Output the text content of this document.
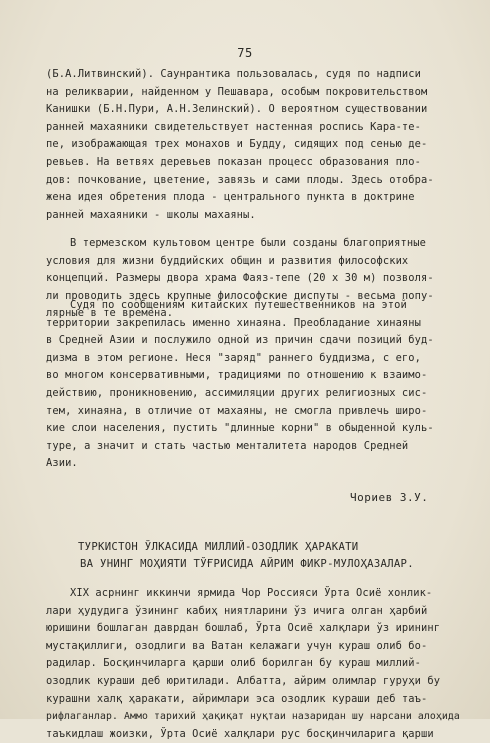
75
(Б.А.Литвинский). Саунрантика пользовалась, судя по надписи
на реликварии, найденном у Пешавара, особым покровительством
Канишки (Б.Н.Пури, А.Н.Зелинский). О вероятном существовании
ранней махаяники свидетельствует настенная роспись Кара-те-
пе, изображающая трех монахов и Будду, сидящих под сенью де-
ревьев. На ветвях деревьев показан процесс образования пло-
дов: почкование, цветение, завязь и сами плоды. Здесь отобра-
жена идея обретения плода - центрального пункта в доктрине
ранней махаяники - школы махаяны.
В термезском культовом центре были созданы благоприятные
условия для жизни буддийских общин и развития философских
концепций. Размеры двора храма Фаяз-тепе (20 х 30 м) позволя-
ли проводить здесь крупные философские диспуты - весьма попу-
лярные в те времена.
Судя по сообщениям китайских путешественников на этой
территории закрепилась именно хинаяна. Преобладание хинаяны
в Средней Азии и послужило одной из причин сдачи позиций буд-
дизма в этом регионе. Неся "заряд" раннего буддизма, с его,
во многом консервативными, традициями по отношению к взаимо-
действию, проникновению, ассимиляции других религиозных сис-
тем, хинаяна, в отличие от махаяны, не смогла привлечь широ-
кие слои населения, пустить "длинные корни" в обыденной куль-
туре, а значит и стать частью менталитета народов Средней
Азии.
Чориев З.У.
ТУРКИСТОН ЎЛКАСИДА МИЛЛИЙ-ОЗОДЛИК ҲАРАКАТИ
ВА УНИНГ МОҲИЯТИ ТЎҒРИСИДА АЙРИМ ФИКР-МУЛОҲАЗАЛАР.
XIX асрнинг иккинчи ярмида Чор Россияси Ўрта Осиё хонлик-
лари ҳудудига ўзининг кабиҳ ниятларини ўз ичига олган ҳарбий
юришини бошлаган даврдан бошлаб, Ўрта Осиё халқлари ўз ирининг
мустақиллиги, озодлиги ва Ватан келажаги учун кураш олиб бо-
радилар. Босқинчиларга қарши олиб борилган бу кураш миллий-
озодлик кураши деб юритилади. Албатта, айрим олимлар гуруҳи бу
курашни халқ ҳаракати, айримлари эса озодлик кураши деб таъ-
рифлаганлар. Аммо тарихий ҳақиқат нуқтаи назаридан шу нарсани алоҳида
таъкидлаш жоизки, Ўрта Осиё халқлари рус босқинчиларига қарши
